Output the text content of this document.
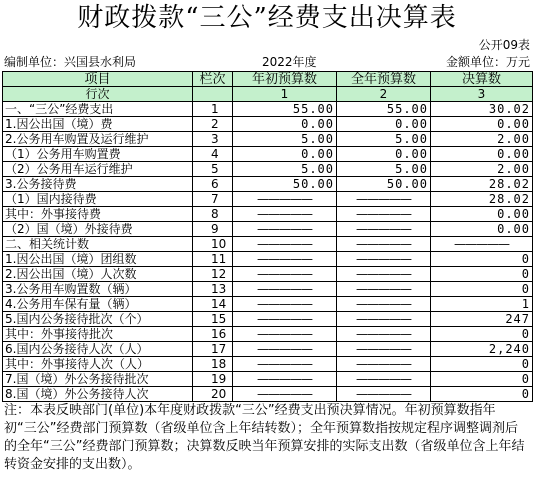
财政拨款“三公”经费支出决算表
公开09表
编制单位：兴国县水利局	2022年度	金额单位：万元
项目	栏次	年初预算数	全年预算数	决算数
行次		1	2	3
一、“三公”经费支出	1	55.00	55.00	30.02
1.因公出国（境）费	2	0.00	0.00	0.00
2.公务用车购置及运行维护	3	5.00	5.00	2.00
（1）公务用车购置费	4	0.00	0.00	0.00
（2）公务用车运行维护	5	5.00	5.00	2.00
3.公务接待费	6	50.00	50.00	28.02
（1）国内接待费	7	—————	—————	28.02
其中：外事接待费	8	—————	—————	0.00
（2）国（境）外接待费	9	—————	—————	0.00
二、相关统计数	10	—————	—————	—————
1.因公出国（境）团组数	11	—————	—————	0
2.因公出国（境）人次数	12	—————	—————	0
3.公务用车购置数（辆）	13	—————	—————	0
4.公务用车保有量（辆）	14	—————	—————	1
5.国内公务接待批次（个）	15	—————	—————	247
其中：外事接待批次	16	—————	—————	0
6.国内公务接待人次（人）	17	—————	—————	2,240
其中：外事接待人次（人）	18	—————	—————	0
7.国（境）外公务接待批次	19	—————	—————	0
8.国（境）外公务接待人次	20	—————	—————	0
注：本表反映部门(单位)本年度财政拨款“三公”经费支出预决算情况。年初预算数指年初“三公”经费部门预算数（省级单位含上年结转数）；全年预算数指按规定程序调整调剂后的全年“三公”经费部门预算数；决算数反映当年预算安排的实际支出数（省级单位含上年结转资金安排的支出数）。
